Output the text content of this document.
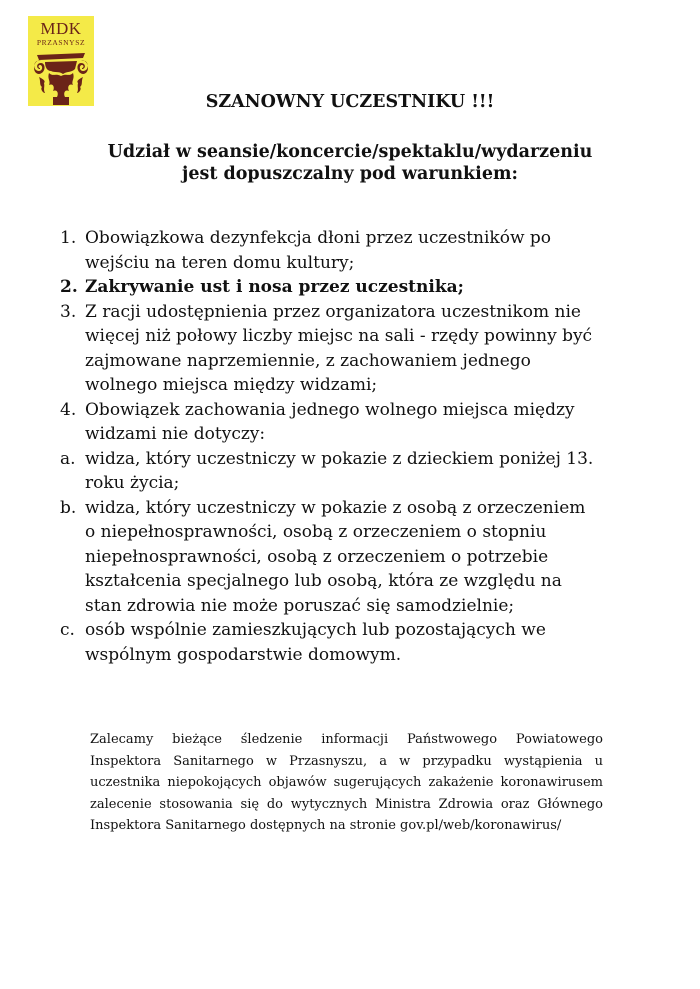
MDK
PRZASNYSZ
SZANOWNY UCZESTNIKU !!!
Udział w seansie/koncercie/spektaklu/wydarzeniu
jest dopuszczalny pod warunkiem:
1. Obowiązkowa dezynfekcja dłoni przez uczestników po
wejściu na teren domu kultury;
2. Zakrywanie ust i nosa przez uczestnika;
3. Z racji udostępnienia przez organizatora uczestnikom nie
więcej niż połowy liczby miejsc na sali - rzędy powinny być
zajmowane naprzemiennie, z zachowaniem jednego
wolnego miejsca między widzami;
4. Obowiązek zachowania jednego wolnego miejsca między
widzami nie dotyczy:
a. widza, który uczestniczy w pokazie z dzieckiem poniżej 13.
roku życia;
b. widza, który uczestniczy w pokazie z osobą z orzeczeniem
o niepełnosprawności, osobą z orzeczeniem o stopniu
niepełnosprawności, osobą z orzeczeniem o potrzebie
kształcenia specjalnego lub osobą, która ze względu na
stan zdrowia nie może poruszać się samodzielnie;
c. osób wspólnie zamieszkujących lub pozostających we
wspólnym gospodarstwie domowym.
Zalecamy bieżące śledzenie informacji Państwowego Powiatowego Inspektora Sanitarnego w Przasnyszu, a w przypadku wystąpienia u uczestnika niepokojących objawów sugerujących zakażenie koronawirusem zalecenie stosowania się do wytycznych Ministra Zdrowia oraz Głównego Inspektora Sanitarnego dostępnych na stronie gov.pl/web/koronawirus/
